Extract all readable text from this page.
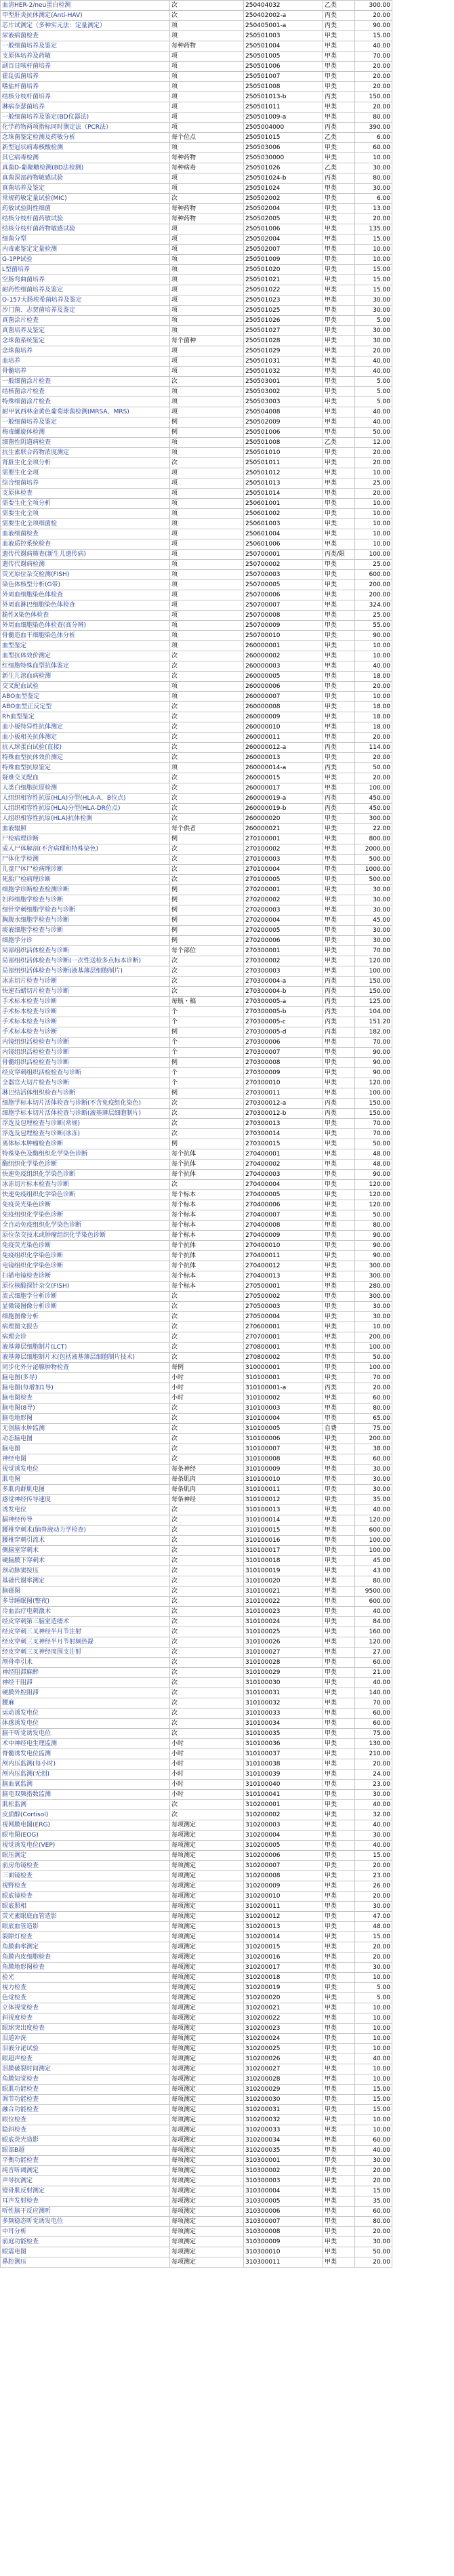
血清HER-2/neu蛋白检测	次	250404032	乙类	300.00	
甲型肝炎抗体测定(Anti-HAV)	次	250402002-a	丙类	20.00	
芯片试测定（多种实元法：定量测定）	项	250405001-a	丙类	90.00	
尿液病菌检查	项	250501003	甲类	15.00	
一般细菌培养及鉴定	每种药物	250501004	甲类	40.00	
支原体培养及药敏	项	250501005	甲类	70.00	
副百日咳杆菌培养	项	250501006	甲类	20.00	
霍乱弧菌培养	项	250501007	甲类	20.00	
嗜盐杆菌培养	项	250501008	甲类	20.00	
结核分枝杆菌培养	项	250501013-b	丙类	150.00	
淋病奈瑟菌培养	项	250501011	甲类	20.00	
一般细菌培养及鉴定(BD仪器法)	项	250501009-a	甲类	80.00	
化学药物两项指标同时测定法（PCR法）	项	2505004000	丙类	390.00	
念珠菌鉴定检测及药敏分析	每个位点	250501015	乙类	6.00	
新型冠状病毒核酸检测	项	250503006	甲类	60.00	
其它病毒检测	每种药物	2505030000	甲类	10.00	
真菌D-葡聚糖检测(BD法检测)	每种病毒	250501026	乙类	30.00	
真菌深部药物敏感试验	项	250501024-b	丙类	80.00	
真菌培养及鉴定	项	250501024	甲类	30.00	
常规药敏定量试验(MIC)	次	250502002	甲类	6.00	
药敏试验阴性细菌	每种药物	250502004	甲类	13.00	
结核分枝杆菌药敏试验	每种药物	250502005	甲类	20.00	
结核分枝杆菌药物敏感试验	项	250501006	甲类	135.00	
细菌分型	项	250502004	甲类	15.00	
内毒素鉴定定量检测	项	250502007	甲类	10.00	
G-1PP试验	项	250501009	甲类	10.00	
L型菌培养	项	250501020	甲类	15.00	
空肠弯曲菌培养	项	250501021	甲类	15.00	
耐药性细菌培养及鉴定	项	250501022	甲类	15.00	
O-157大肠埃希菌培养及鉴定	项	250501023	甲类	30.00	
沙门菌、志贺菌培养及鉴定	项	250501025	甲类	30.00	
真菌涂片检查	项	250501026	甲类	5.00	
真菌培养及鉴定	项	250501027	甲类	30.00	
念珠菌系统鉴定	每个菌种	250501028	甲类	30.00	
念珠菌培养	项	250501029	甲类	20.00	
血培养	项	250501031	甲类	40.00	
骨髓培养	项	250501032	甲类	40.00	
一般细菌涂片检查	次	250503001	甲类	5.00	
结核菌涂片检查	项	250503002	甲类	5.00	
特殊细菌涂片检查	项	250503003	甲类	5.00	
耐甲氧西林金黄色葡萄球菌检测(MRSA、MRS)	项	250504008	甲类	40.00	
一般细菌培养及鉴定	例	250502009	甲类	40.00	
梅毒螺旋体检测	例	250501006	甲类	50.00	
细菌性阴道病检查	项	250501008	乙类	12.00	
抗生素联合药物浓度测定	项	250501010	甲类	20.00	
肾脏生化全项分析	次	250501011	甲类	20.00	
需要生化全项	项	250501012	甲类	10.00	
综合细菌培养	项	250501013	甲类	25.00	
支原体检查	项	250501014	甲类	20.00	
需要生化全项分析	项	250601001	甲类	10.00	
需要生化全项	项	250601002	甲类	10.00	
需要生化全项细菌检	项	250601003	甲类	10.00	
血液细菌检查	项	250601004	甲类	10.00	
血液质控系统检查	项	250601006	甲类	10.00	
遗传代谢病筛查(新生儿遗传病)	项	250700001	丙类/限	100.00	
遗传代谢病检测	项	250700002	甲类	25.00	
荧光原位杂交检测(FISH)	项	250700003	甲类	600.00	
染色体核型分析(G带)	项	250700005	甲类	200.00	
外周血细胞染色体检查	项	250700006	甲类	200.00	
外周血淋巴细胞染色体检查	项	250700007	甲类	324.00	
脆性X染色体检查	项	250700008	甲类	25.00	
外周血细胞染色体检查(高分辨)	项	250700009	甲类	55.00	
骨髓造血干细胞染色体分析	项	250700010	甲类	90.00	
血型鉴定	项	260000001	甲类	10.00	
血型抗体效价测定	次	260000002	甲类	10.00	
红细胞特殊血型抗体鉴定	次	260000003	甲类	40.00	
新生儿溶血病检测	次	260000005	甲类	18.00	
交叉配血试验	项	260000006	甲类	20.00	
ABO血型鉴定	项	260000007	甲类	10.00	
ABO血型正反定型	次	260000008	甲类	18.00	
Rh血型鉴定	次	260000009	甲类	18.00	
血小板特异性抗体测定	次	260000010	甲类	18.00	
血小板相关抗体测定	次	260000011	甲类	20.00	
抗人球蛋白试验(直接)	次	260000012-a	丙类	114.00	
特殊血型抗体效价测定	次	260000013	甲类	20.00	
特殊血型抗原鉴定	项	260000014-a	丙类	50.00	
疑难交叉配血	次	260000015	甲类	20.00	
人类白细胞抗原检测	次	260000017	甲类	100.00	
人组织相容性抗原(HLA)分型(HLA-A、B位点)	次	260000019-a	丙类	450.00	
人组织相容性抗原(HLA)分型(HLA-DR位点)	次	260000019-b	丙类	450.00	
人组织相容性抗原(HLA)抗体检测	次	260000020	甲类	300.00	
血液辐照	每个供者	260000021	甲类	22.00	
尸检病理诊断	例	270100001	甲类	800.00	
成人尸体解剖(不含病理和特殊染色)	次	270100002	甲类	2000.00	
尸体化学检测	次	270100003	甲类	500.00	
儿童尸体尸检病理诊断	次	270100004	甲类	1000.00	
死胎尸检病理诊断	次	270100005	甲类	500.00	
细胞学诊断检查检测诊断	例	270200001	甲类	30.00	
妇科细胞学检查与诊断	例	270200002	甲类	30.00	
细针穿刺细胞学检查与诊断	例	270200003	甲类	30.00	
胸腹水细胞学检查与诊断	例	270200004	甲类	45.00	
痰液细胞学检查与诊断	例	270200005	甲类	30.00	
细胞学分诊	例	270200006	甲类	30.00	
局部组织活体检查与诊断	每个部位	270300001	甲类	70.00	
局部组织活体检查与诊断(一次性送检多点标本诊断)	次	270300002	甲类	120.00	
局部组织活体检查与诊断(液基薄层细胞制片)	次	270300003	甲类	100.00	
冰冻切片检查与诊断	次	270300004-a	丙类	150.00	
快速石蜡切片检查与诊断	次	270300004-b	丙类	150.00	
手术标本检查与诊断	毎瓶・稿	270300005-a	丙类	125.00	
手术标本检查与诊断	个	270300005-b	丙类	104.00	
手术标本检查与诊断	个	270300005-c	丙类	151.20	
手术标本检查与诊断	例	270300005-d	丙类	182.00	
内镜组织活检检查与诊断	个	270300006	甲类	70.00	
内镜组织活检检查与诊断	个	270300007	甲类	90.00	
骨髓组织活检检查与诊断	例	270300008	甲类	90.00	
经皮穿刺组织活检检查与诊断	个	270300009	甲类	90.00	
全器官大切片检查与诊断	个	270300010	甲类	120.00	
淋巴结活体组织检查与诊断	例	270300011	甲类	100.00	
细胞学标本切片活体检查与诊断(不含免疫组化染色)	次	270300012-a	丙类	150.00	
细胞学标本切片活体检查与诊断(液基薄层细胞制片)	次	270300012-b	丙类	150.00	
浮选及包埋检查与诊断(常规)	次	270300013	甲类	70.00	
浮选及包埋检查与诊断(冰冻)	次	270300014	甲类	70.00	
离体标本肿瘤检查诊断	例	270300015	甲类	50.00	
特殊染色及酶组织化学染色诊断	每个抗体	270400001	甲类	48.00	
酶组织化学染色诊断	每个抗体	270400002	甲类	48.00	
快速免疫组织化学染色诊断	每个抗体	270400003	甲类	90.00	
冰冻切片标本检查与诊断	次	270400004	甲类	120.00	
快速免疫组织化学染色诊断	每个标本	270400005	甲类	120.00	
免疫荧光染色诊断	每个标本	270400006	甲类	120.00	
免疫组织化学染色诊断	每个标本	270400007	甲类	50.00	
全自动免疫组织化学染色诊断	每个标本	270400008	甲类	80.00	
原位杂交技术或肿瘤组织化学染色诊断	每个标本	270400009	甲类	90.00	
免疫荧光染色诊断	每个抗体	270400010	甲类	90.00	
免疫组织化学染色诊断	每个抗体	270400011	甲类	90.00	
电镜组织化学染色诊断	每个抗体	270400012	甲类	300.00	
扫描电镜检查诊断	每个标本	270400013	甲类	300.00	
原位核酸探针杂交(FISH)	每个标本	270500001	甲类	280.00	
流式细胞学分析诊断	次	270500002	甲类	300.00	
显微镜图像分析诊断	次	270500003	甲类	30.00	
细胞图像分析	次	270500004	甲类	30.00	
病理图文报告	次	270600001	甲类	10.00	
病理会诊	次	270700001	甲类	200.00	
液基薄层细胞制片(LCT)	次	270800001	甲类	100.00	
液基薄层细胞制片术(包括液基薄层细胞制片技术)	次	270800002	甲类	50.00	
同步化外分泌腺肿物检查	每例	310000001	甲类	100.00	
脑电图(多导)	小时	310100001	甲类	70.00	
脑电图(每增加1导)	小时	310100001-a	丙类	20.00	
脑电图检查	小时	310100002	甲类	60.00	
脑电图(8导)	次	310100003	甲类	80.00	
脑电地形图	次	310100004	甲类	65.00	
无创脑水肿监测	次	310100005	自费	75.00	
动态脑电图	次	310100006	甲类	200.00	
脑电图	次	310100007	甲类	38.00	
神经电图	次	310100008	甲类	60.00	
视觉诱发电位	每条神经	310100009	甲类	30.00	
肌电图	每条肌肉	310100010	甲类	30.00	
多肌肉群肌电图	每条肌肉	310100011	甲类	30.00	
感觉神经传导速度	每条神经	310100012	甲类	35.00	
诱发电位	次	310100013	甲类	40.00	
膈神经传导	次	310100014	甲类	120.00	
腰椎穿刺术(脑脊液动力学检查)	次	310100015	甲类	600.00	
腰椎穿刺引流术	次	310100016	甲类	100.00	
侧脑室穿刺术	次	310100017	甲类	100.00	
硬脑膜下穿刺术	次	310100018	甲类	45.00	
颈动脉窦按压	次	310100019	甲类	43.00	
基础代谢率测定	次	310100020	甲类	80.00	
脑磁图	次	310100021	甲类	9500.00	
多导睡眠图(整夜)	次	310100022	甲类	600.00	
冷血治疗电刺激术	次	310100023	甲类	40.00	
经皮穿刺第三脑室造瘘术	次	310100024	甲类	84.00	
经皮穿刺三叉神经半月节注射	次	310100025	甲类	160.00	
经皮穿刺三叉神经半月节射频热凝	次	310100026	甲类	120.00	
经皮穿刺三叉神经周围支注射	次	310100027	甲类	27.00	
颅骨牵引术	次	310100028	甲类	60.00	
神经阻滞麻醉	次	310100029	甲类	21.00	
神经干阻滞	次	310100030	甲类	40.00	
硬膜外腔阻滞	次	310100031	甲类	140.00	
腰麻	次	310100032	甲类	70.00	
运动诱发电位	次	310100033	甲类	60.00	
体感诱发电位	次	310100034	甲类	60.00	
脑干听觉诱发电位	次	310100035	甲类	75.00	
术中神经电生理监测	小时	310100036	甲类	130.00	
脊髓诱发电位监测	小时	310100037	甲类	210.00	
颅内压监测(每小时)	小时	310100038	甲类	20.00	
颅内压监测(无创)	小时	310100039	甲类	24.00	
脑血氧监测	小时	310100040	甲类	23.00	
脑电双频指数监测	小时	310100041	甲类	30.00	
肌松监测	次	310200001	甲类	40.00	
皮质醇(Cortisol)	次	310200002	甲类	32.00	
视网膜电图(ERG)	每项测定	310200003	甲类	40.00	
眼电图(EOG)	每项测定	310200004	甲类	30.00	
视觉诱发电位(VEP)	每项测定	310200005	甲类	40.00	
眼压测定	每项测定	310200006	甲类	15.00	
前房角镜检查	每项测定	310200007	甲类	20.00	
三面镜检查	每项测定	310200008	甲类	23.00	
视野检查	每项测定	310200009	甲类	26.00	
眼底镜检查	每项测定	310200010	甲类	20.00	
眼底照相	每项测定	310200011	甲类	30.00	
荧光素眼底血管造影	每项测定	310200012	甲类	47.00	
眼底血管造影	每项测定	310200013	甲类	48.00	
裂隙灯检查	每项测定	310200014	甲类	15.00	
角膜曲率测定	每项测定	310200015	甲类	20.00	
角膜内皮细胞检查	每项测定	310200016	甲类	20.00	
角膜地形图检查	每项测定	310200017	甲类	30.00	
验光	每项测定	310200018	甲类	10.00	
视力检查	每项测定	310200019	甲类	5.00	
色觉检查	每项测定	310200020	甲类	5.00	
立体视觉检查	每项测定	310200021	甲类	10.00	
斜视度检查	每项测定	310200022	甲类	10.00	
眼球突出度检查	每项测定	310200023	甲类	10.00	
泪道冲洗	每项测定	310200024	甲类	10.00	
泪液分泌试验	每项测定	310200025	甲类	10.00	
眼超声检查	每项测定	310200026	甲类	40.00	
泪膜破裂时间测定	每项测定	310200027	甲类	10.00	
角膜知觉检查	每项测定	310200028	甲类	10.00	
眼肌功能检查	每项测定	310200029	甲类	15.00	
调节功能检查	每项测定	310200030	甲类	15.00	
融合功能检查	每项测定	310200031	甲类	15.00	
眼位检查	每项测定	310200032	甲类	10.00	
隐斜检查	每项测定	310200033	甲类	10.00	
眼底荧光造影	每项测定	310200034	甲类	60.00	
眼部B超	每项测定	310200035	甲类	40.00	
平衡功能检查	每项测定	310300001	甲类	30.00	
纯音听阈测定	每项测定	310300002	甲类	20.00	
声导抗测定	每项测定	310300003	甲类	20.00	
镫骨肌反射测定	每项测定	310300004	甲类	15.00	
耳声发射检查	每项测定	310300005	甲类	35.00	
听性脑干反应测听	每项测定	310300006	甲类	60.00	
多频稳态听觉诱发电位	每项测定	310300007	甲类	80.00	
中耳分析	每项测定	310300008	甲类	20.00	
前庭功能检查	每项测定	310300009	甲类	30.00	
眼震电图	每项测定	310300010	甲类	50.00	
鼻腔测压	每项测定	310300011	甲类	20.00	
